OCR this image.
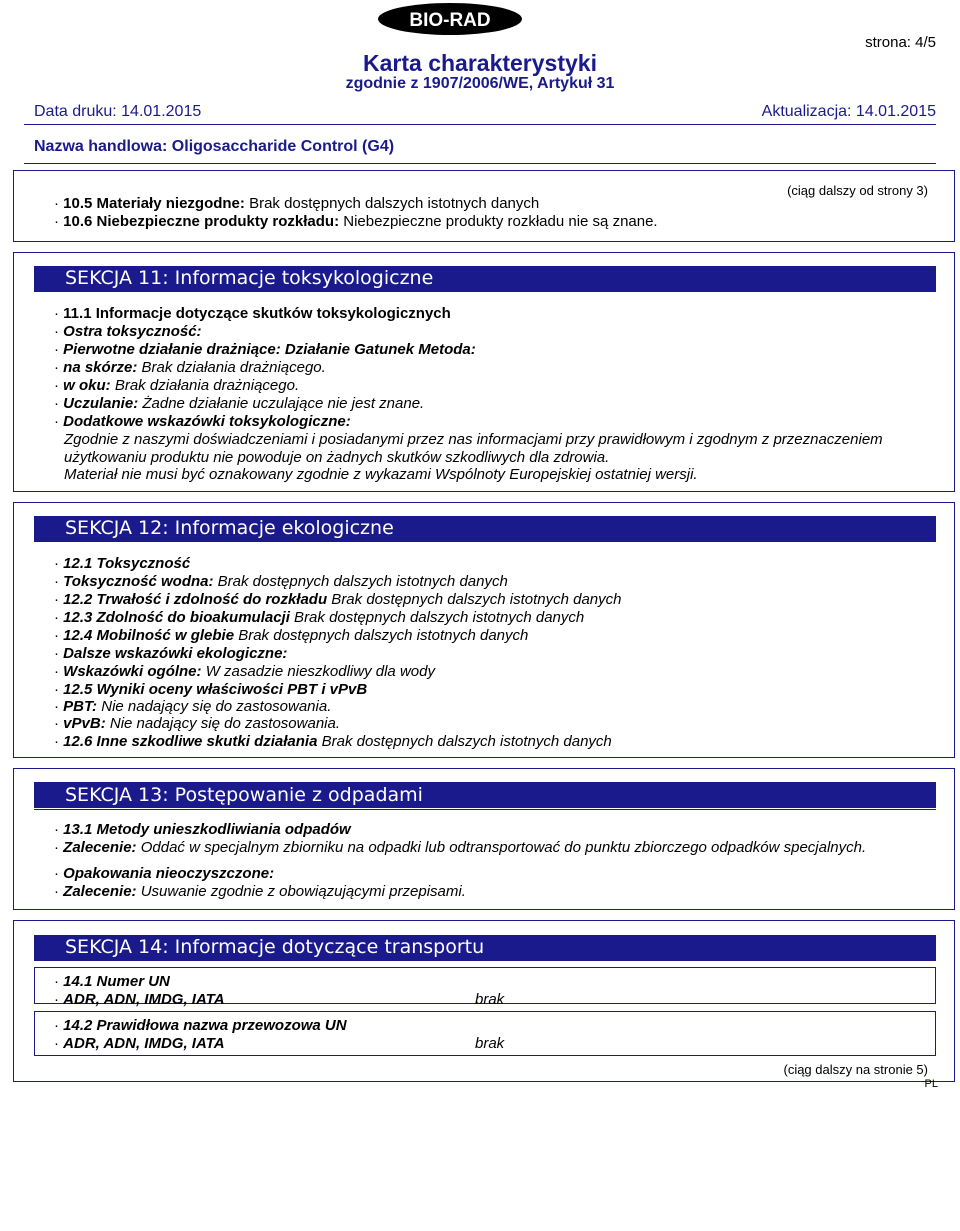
BIO-RAD
strona: 4/5
Karta charakterystyki
zgodnie z 1907/2006/WE, Artykuł 31
Data druku: 14.01.2015	Aktualizacja: 14.01.2015
Nazwa handlowa: Oligosaccharide Control (G4)
(ciąg dalszy od strony 3)
· 10.5 Materiały niezgodne: Brak dostępnych dalszych istotnych danych
· 10.6 Niebezpieczne produkty rozkładu: Niebezpieczne produkty rozkładu nie są znane.
SEKCJA 11: Informacje toksykologiczne
· 11.1 Informacje dotyczące skutków toksykologicznych
· Ostra toksyczność:
· Pierwotne działanie drażniące: Działanie Gatunek Metoda:
· na skórze: Brak działania drażniącego.
· w oku: Brak działania drażniącego.
· Uczulanie: Żadne działanie uczulające nie jest znane.
· Dodatkowe wskazówki toksykologiczne:
Zgodnie z naszymi doświadczeniami i posiadanymi przez nas informacjami przy prawidłowym i zgodnym z przeznaczeniem
użytkowaniu produktu nie powoduje on żadnych skutków szkodliwych dla zdrowia.
Materiał nie musi być oznakowany zgodnie z wykazami Wspólnoty Europejskiej ostatniej wersji.
SEKCJA 12: Informacje ekologiczne
· 12.1 Toksyczność
· Toksyczność wodna: Brak dostępnych dalszych istotnych danych
· 12.2 Trwałość i zdolność do rozkładu Brak dostępnych dalszych istotnych danych
· 12.3 Zdolność do bioakumulacji Brak dostępnych dalszych istotnych danych
· 12.4 Mobilność w glebie Brak dostępnych dalszych istotnych danych
· Dalsze wskazówki ekologiczne:
· Wskazówki ogólne: W zasadzie nieszkodliwy dla wody
· 12.5 Wyniki oceny właściwości PBT i vPvB
· PBT: Nie nadający się do zastosowania.
· vPvB: Nie nadający się do zastosowania.
· 12.6 Inne szkodliwe skutki działania Brak dostępnych dalszych istotnych danych
SEKCJA 13: Postępowanie z odpadami
· 13.1 Metody unieszkodliwiania odpadów
· Zalecenie: Oddać w specjalnym zbiorniku na odpadki lub odtransportować do punktu zbiorczego odpadków specjalnych.
· Opakowania nieoczyszczone:
· Zalecenie: Usuwanie zgodnie z obowiązującymi przepisami.
SEKCJA 14: Informacje dotyczące transportu
· 14.1 Numer UN
· ADR, ADN, IMDG, IATA	brak
· 14.2 Prawidłowa nazwa przewozowa UN
· ADR, ADN, IMDG, IATA	brak
(ciąg dalszy na stronie 5)
PL
